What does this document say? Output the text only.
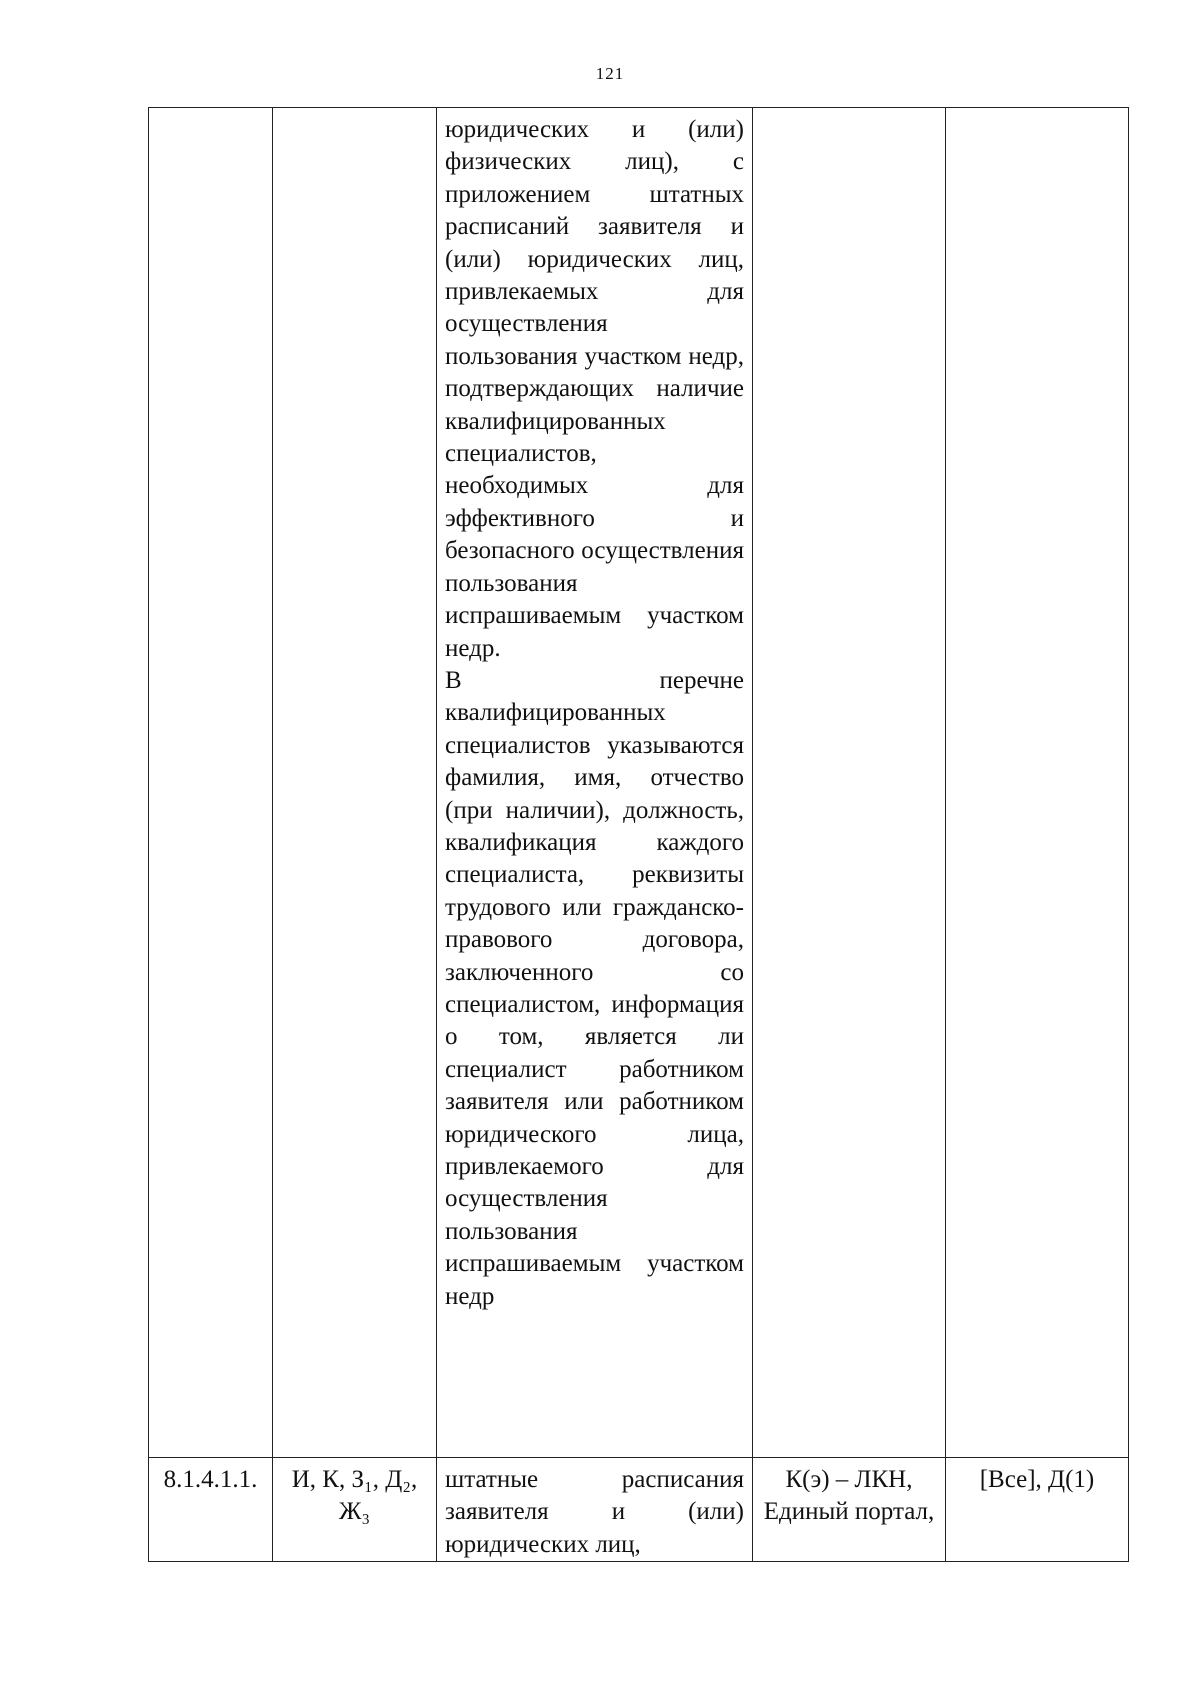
121

		юридических и (или) физических лиц), с приложением штатных расписаний заявителя и (или) юридических лиц, привлекаемых для осуществления пользования участком недр, подтверждающих наличие квалифицированных специалистов, необходимых для эффективного и безопасного осуществления пользования испрашиваемым участком недр.

В перечне квалифицированных специалистов указываются фамилия, имя, отчество (при наличии), должность, квалификация каждого специалиста, реквизиты трудового или гражданско-правового договора, заключенного со специалистом, информация о том, является ли специалист работником заявителя или работником юридического лица, привлекаемого для осуществления пользования испрашиваемым участком недр		

8.1.4.1.1.	И, К, З₁, Д₂, Ж₃	штатные расписания заявителя и (или) юридических лиц,	К(э) – ЛКН, Единый портал,	[Все], Д(1)
